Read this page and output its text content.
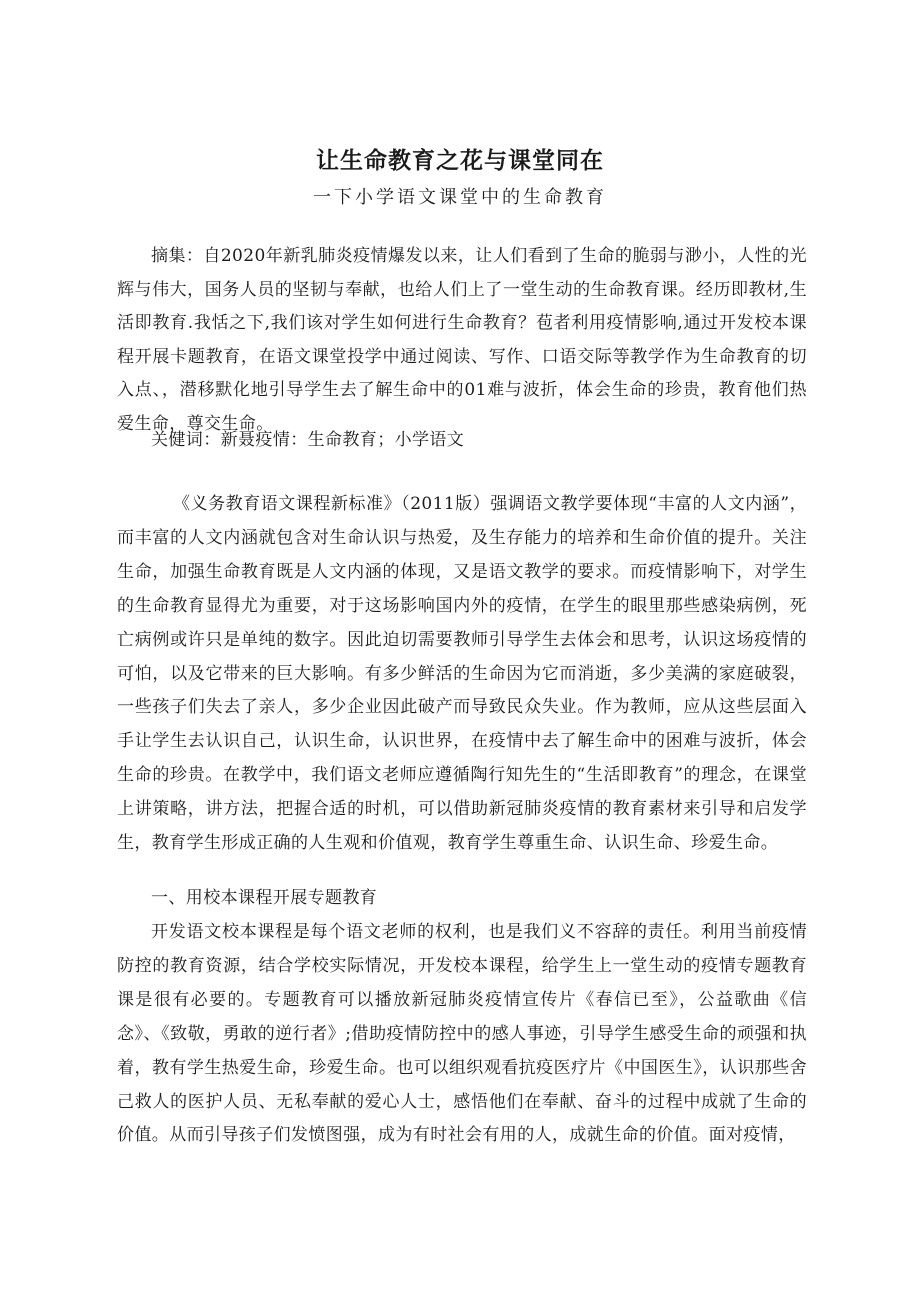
让生命教育之花与课堂同在

一下小学语文课堂中的生命教育

摘集：自2020年新乳肺炎疫情爆发以来，让人们看到了生命的脆弱与渺小，人性的光辉与伟大，国务人员的坚韧与奉献，也给人们上了一堂生动的生命教育课。经历即教材,生活即教育.我恬之下,我们该对学生如何进行生命教育？苞者利用疫情影响,通过开发校本课程开展卡题教育，在语文课堂投学中通过阅读、写作、口语交际等教学作为生命教育的切入点、，潜移默化地引导学生去了解生命中的01难与波折，体会生命的珍贵，教育他们热爱生命，尊交生命。

关健词：新聂疫情：生命教育；小学语文

《义务教育语文课程新标准》（2011版）强调语文教学要体现“丰富的人文内涵”，而丰富的人文内涵就包含对生命认识与热爱，及生存能力的培养和生命价值的提升。关注生命，加强生命教育既是人文内涵的体现，又是语文教学的要求。而疫情影响下，对学生的生命教育显得尤为重要，对于这场影响国内外的疫情，在学生的眼里那些感染病例，死亡病例或许只是单纯的数字。因此迫切需要教师引导学生去体会和思考，认识这场疫情的可怕，以及它带来的巨大影响。有多少鲜活的生命因为它而消逝，多少美满的家庭破裂，一些孩子们失去了亲人，多少企业因此破产而导致民众失业。作为教师，应从这些层面入手让学生去认识自己，认识生命，认识世界，在疫情中去了解生命中的困难与波折，体会生命的珍贵。在教学中，我们语文老师应遵循陶行知先生的“生活即教育”的理念，在课堂上讲策略，讲方法，把握合适的时机，可以借助新冠肺炎疫情的教育素材来引导和启发学生，教育学生形成正确的人生观和价值观，教育学生尊重生命、认识生命、珍爱生命。

一、用校本课程开展专题教育

开发语文校本课程是每个语文老师的权利，也是我们义不容辞的责任。利用当前疫情防控的教育资源，结合学校实际情况，开发校本课程，给学生上一堂生动的疫情专题教育课是很有必要的。专题教育可以播放新冠肺炎疫情宣传片《春信已至》，公益歌曲《信念》、《致敬，勇敢的逆行者》;借助疫情防控中的感人事迹，引导学生感受生命的顽强和执着，教有学生热爱生命，珍爱生命。也可以组织观看抗疫医疗片《中国医生》，认识那些舍己救人的医护人员、无私奉献的爱心人士，感悟他们在奉献、奋斗的过程中成就了生命的价值。从而引导孩子们发愤图强，成为有时社会有用的人，成就生命的价值。面对疫情，
